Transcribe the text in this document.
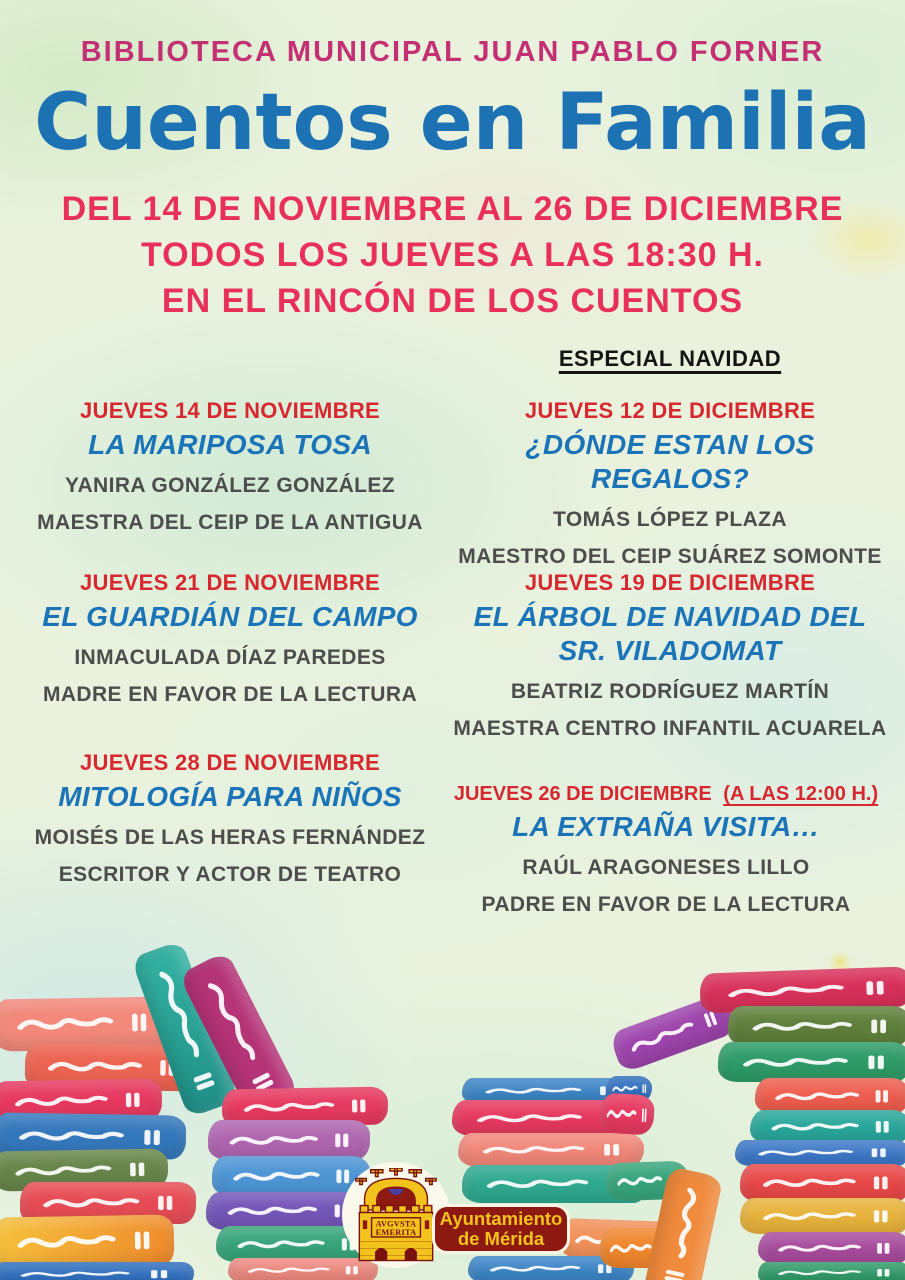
BIBLIOTECA MUNICIPAL JUAN PABLO FORNER
Cuentos en Familia
DEL 14 DE NOVIEMBRE AL 26 DE DICIEMBRE
TODOS LOS JUEVES A LAS 18:30 H.
EN EL RINCÓN DE LOS CUENTOS
ESPECIAL NAVIDAD
JUEVES 14 DE NOVIEMBRE
LA MARIPOSA TOSA
YANIRA GONZÁLEZ GONZÁLEZ
MAESTRA DEL CEIP DE LA ANTIGUA
JUEVES 21 DE NOVIEMBRE
EL GUARDIÁN DEL CAMPO
INMACULADA DÍAZ PAREDES
MADRE EN FAVOR DE LA LECTURA
JUEVES 28 DE NOVIEMBRE
MITOLOGÍA PARA NIÑOS
MOISÉS DE LAS HERAS FERNÁNDEZ
ESCRITOR Y ACTOR DE TEATRO
JUEVES 12 DE DICIEMBRE
¿DÓNDE ESTAN LOS REGALOS?
TOMÁS LÓPEZ PLAZA
MAESTRO DEL CEIP SUÁREZ SOMONTE
JUEVES 19 DE DICIEMBRE
EL ÁRBOL DE NAVIDAD DEL SR. VILADOMAT
BEATRIZ RODRÍGUEZ MARTÍN
MAESTRA CENTRO INFANTIL ACUARELA
JUEVES 26 DE DICIEMBRE (A LAS 12:00 H.)
LA EXTRAÑA VISITA…
RAÚL ARAGONESES LILLO
PADRE EN FAVOR DE LA LECTURA
AVGVSTA
EMERITA
Ayuntamiento
de Mérida
